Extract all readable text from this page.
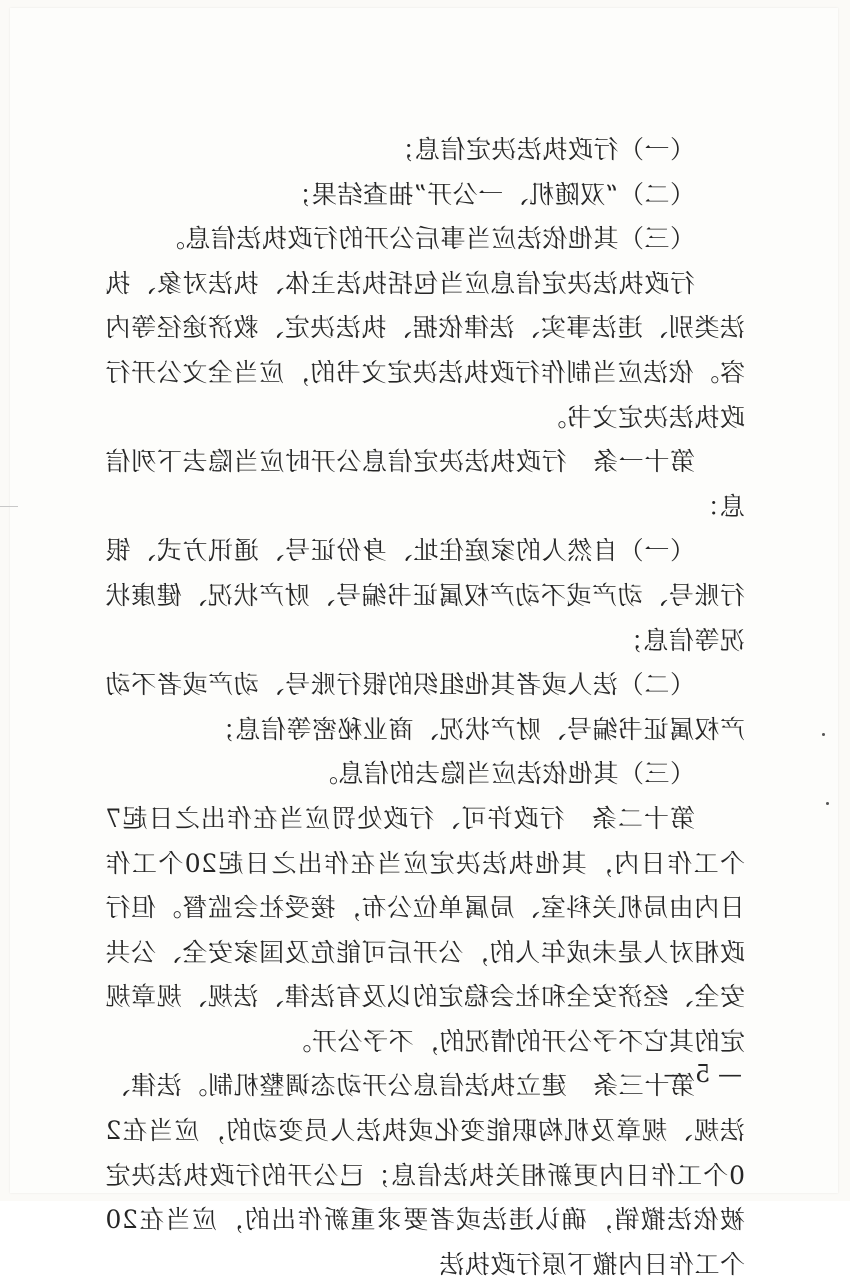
（一）行政执法决定信息；

（二）“双随机、一公开”抽查结果；

（三）其他依法应当事后公开的行政执法信息。

行政执法决定信息应当包括执法主体、执法对象、执法类别、违法事实、法律依据、执法决定、救济途径等内容。依法应当制作行政执法决定文书的，应当全文公开行政执法决定文书。

第十一条　行政执法决定信息公开时应当隐去下列信息：

（一）自然人的家庭住址、身份证号、通讯方式、银行账号、动产或不动产权属证书编号、财产状况、健康状况等信息；

（二）法人或者其他组织的银行账号、动产或者不动产权属证书编号、财产状况、商业秘密等信息；

（三）其他依法应当隐去的信息。

第十二条　行政许可、行政处罚应当在作出之日起7个工作日内，其他执法决定应当在作出之日起20个工作日内由局机关科室、局属单位公布，接受社会监督。但行政相对人是未成年人的，公开后可能危及国家安全、公共安全、经济安全和社会稳定的以及有法律、法规、规章规定的其它不予公开的情况的，不予公开。

第十三条　建立执法信息公开动态调整机制。法律、法规、规章及机构职能变化或执法人员变动的，应当在20个工作日内更新相关执法信息；已公开的行政执法决定被依法撤销，确认违法或者要求重新作出的，应当在20个工作日内撤下原行政执法

— 5 —
